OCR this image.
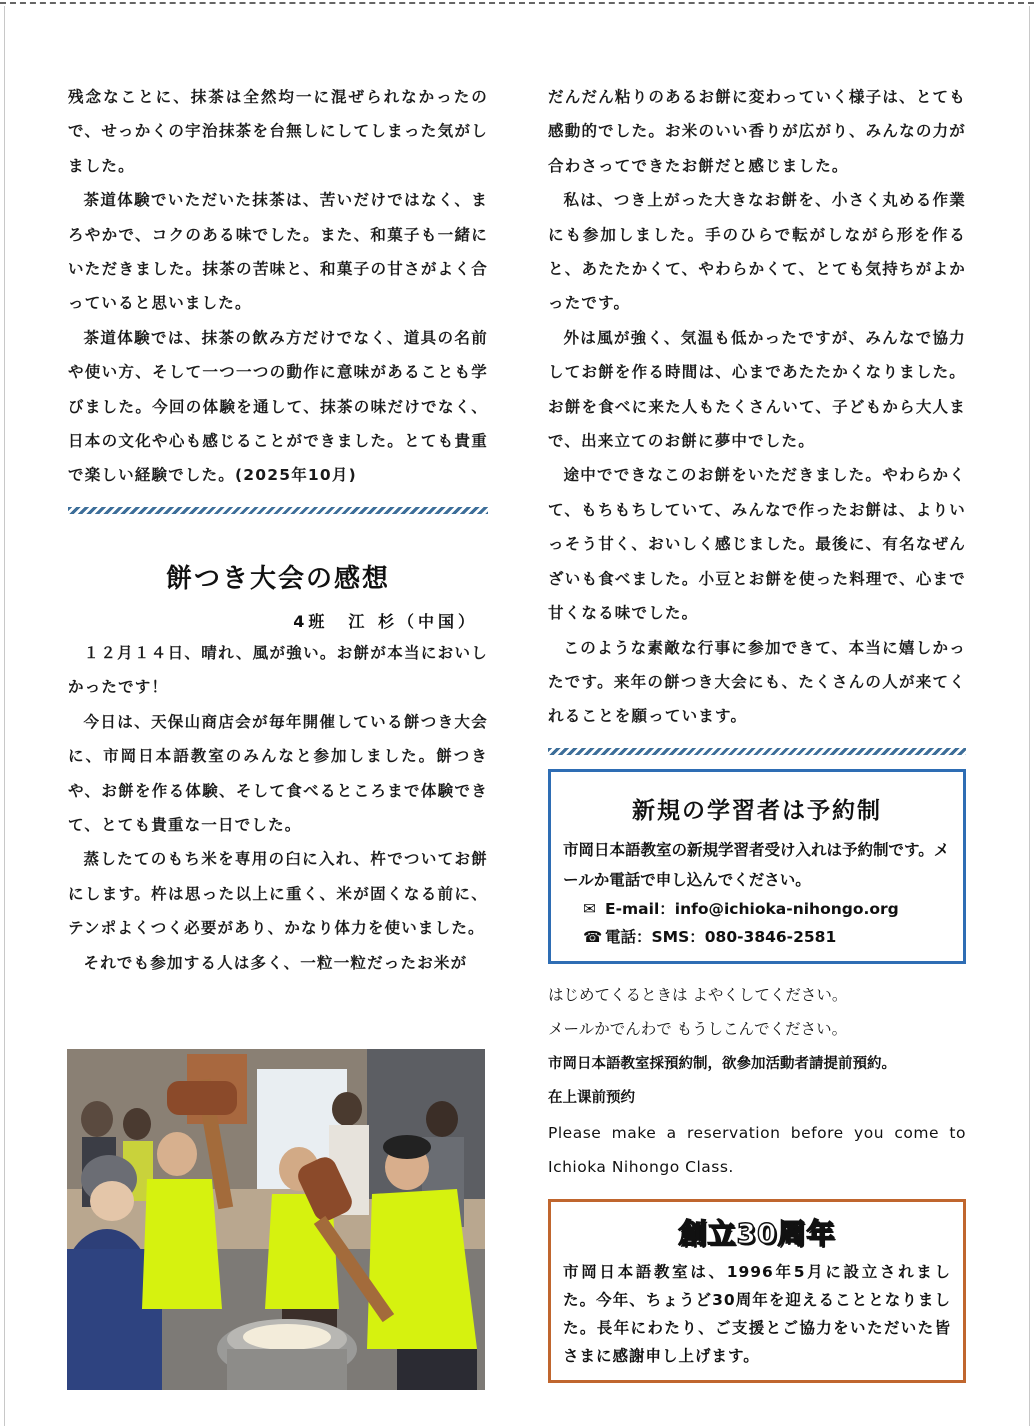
残念なことに、抹茶は全然均一に混ぜられなかったので、せっかくの宇治抹茶を台無しにしてしまった気がしました。

茶道体験でいただいた抹茶は、苦いだけではなく、まろやかで、コクのある味でした。また、和菓子も一緒にいただきました。抹茶の苦味と、和菓子の甘さがよく合っていると思いました。

茶道体験では、抹茶の飲み方だけでなく、道具の名前や使い方、そして一つ一つの動作に意味があることも学びました。今回の体験を通して、抹茶の味だけでなく、日本の文化や心も感じることができました。とても貴重で楽しい経験でした。(2025年10月)

餅つき大会の感想
4班　江 杉（中国）

１２月１４日、晴れ、風が強い。お餅が本当においしかったです！

今日は、天保山商店会が毎年開催している餅つき大会に、市岡日本語教室のみんなと参加しました。餅つきや、お餅を作る体験、そして食べるところまで体験できて、とても貴重な一日でした。

蒸したてのもち米を専用の臼に入れ、杵でついてお餅にします。杵は思った以上に重く、米が固くなる前に、テンポよくつく必要があり、かなり体力を使いました。

それでも参加する人は多く、一粒一粒だったお米が

だんだん粘りのあるお餅に変わっていく様子は、とても感動的でした。お米のいい香りが広がり、みんなの力が合わさってできたお餅だと感じました。

私は、つき上がった大きなお餅を、小さく丸める作業にも参加しました。手のひらで転がしながら形を作ると、あたたかくて、やわらかくて、とても気持ちがよかったです。

外は風が強く、気温も低かったですが、みんなで協力してお餅を作る時間は、心まであたたかくなりました。お餅を食べに来た人もたくさんいて、子どもから大人まで、出来立てのお餅に夢中でした。

途中でできなこのお餅をいただきました。やわらかくて、もちもちしていて、みんなで作ったお餅は、よりいっそう甘く、おいしく感じました。最後に、有名なぜんざいも食べました。小豆とお餅を使った料理で、心まで甘くなる味でした。

このような素敵な行事に参加できて、本当に嬉しかったです。来年の餅つき大会にも、たくさんの人が来てくれることを願っています。

新規の学習者は予約制

市岡日本語教室の新規学習者受け入れは予約制です。メールか電話で申し込んでください。

✉ E-mail：info@ichioka-nihongo.org
☎ 電話：SMS：080-3846-2581

はじめてくるときは よやくしてください。

メールかでんわで もうしこんでください。

市岡日本語教室採預約制，欲參加活動者請提前預約。

在上课前预约

Please make a reservation before you come to Ichioka Nihongo Class.

創立30周年

市岡日本語教室は、1996年5月に設立されました。今年、ちょうど30周年を迎えることとなりました。長年にわたり、ご支援とご協力をいただいた皆さまに感謝申し上げます。
